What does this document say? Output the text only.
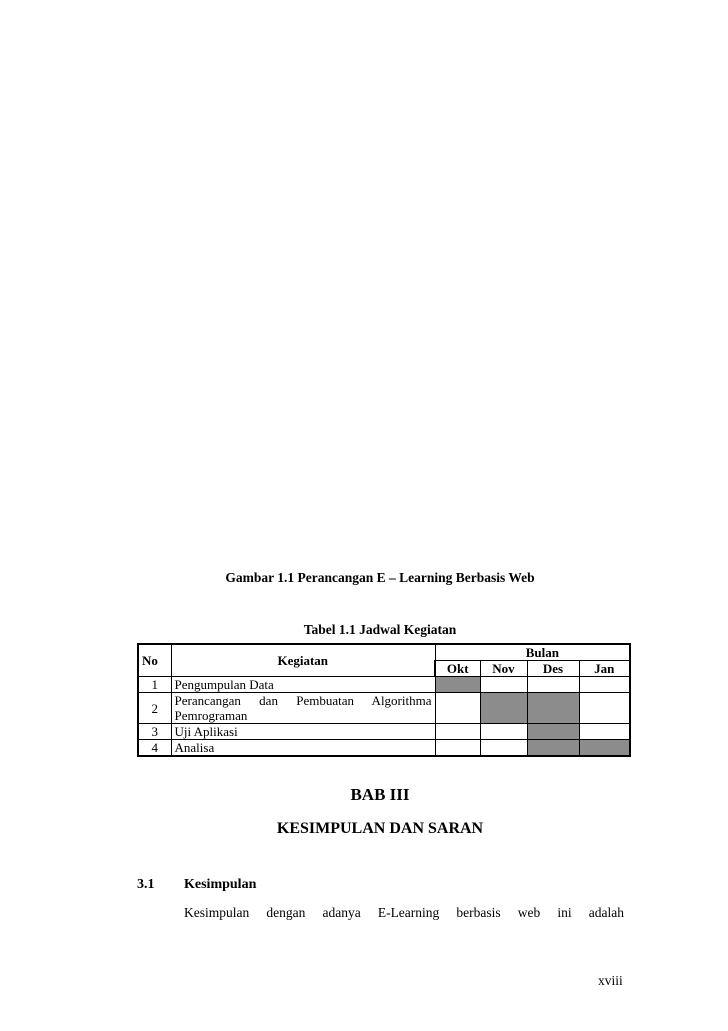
Gambar 1.1 Perancangan E – Learning Berbasis Web
Tabel 1.1 Jadwal Kegiatan
No	Kegiatan	Bulan			
		Okt	Nov	Des	Jan
1	Pengumpulan Data				
2	Perancangan dan Pembuatan Algorithma Pemrograman				
3	Uji Aplikasi				
4	Analisa				
BAB III
KESIMPULAN DAN SARAN
3.1 Kesimpulan
Kesimpulan dengan adanya E-Learning berbasis web ini adalah
xviii
